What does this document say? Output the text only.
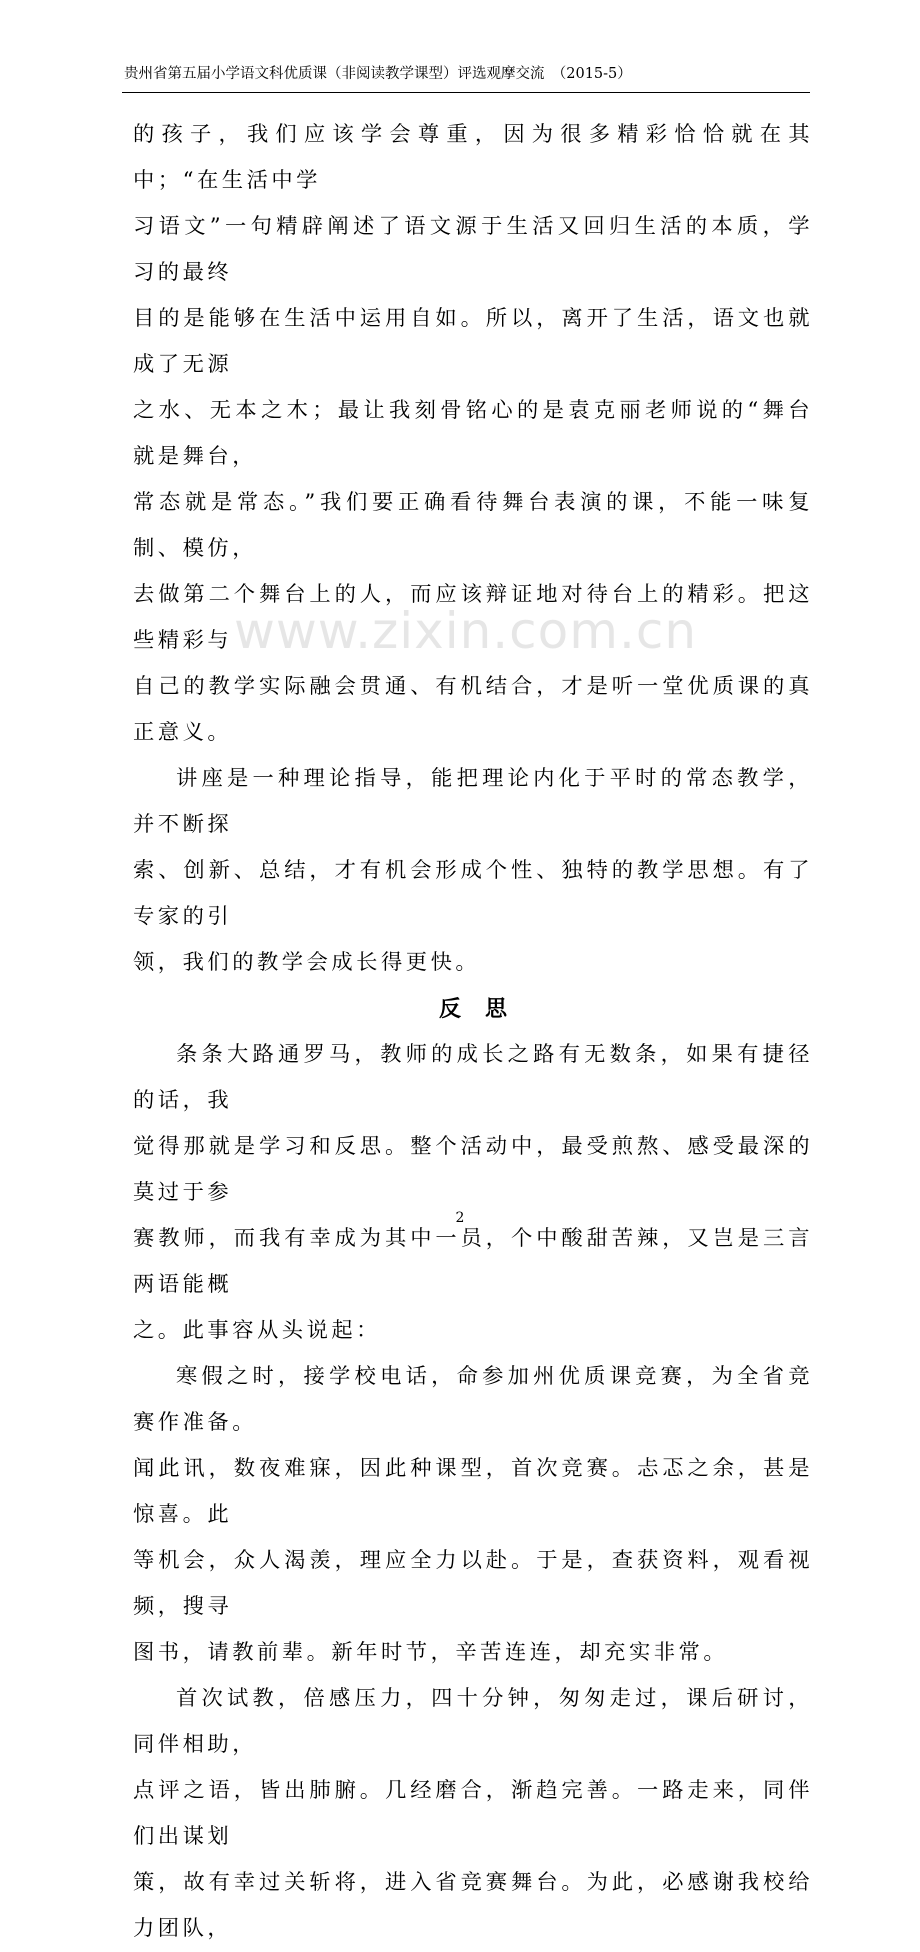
贵州省第五届小学语文科优质课（非阅读教学课型）评选观摩交流　（2015-5）

的孩子，我们应该学会尊重，因为很多精彩恰恰就在其中；“在生活中学
习语文”一句精辟阐述了语文源于生活又回归生活的本质，学习的最终
目的是能够在生活中运用自如。所以，离开了生活，语文也就成了无源
之水、无本之木；最让我刻骨铭心的是袁克丽老师说的“舞台就是舞台，
常态就是常态。”我们要正确看待舞台表演的课，不能一味复制、模仿，
去做第二个舞台上的人，而应该辩证地对待台上的精彩。把这些精彩与
自己的教学实际融会贯通、有机结合，才是听一堂优质课的真正意义。

讲座是一种理论指导，能把理论内化于平时的常态教学，并不断探
索、创新、总结，才有机会形成个性、独特的教学思想。有了专家的引
领，我们的教学会成长得更快。

反思

条条大路通罗马，教师的成长之路有无数条，如果有捷径的话，我
觉得那就是学习和反思。整个活动中，最受煎熬、感受最深的莫过于参
赛教师，而我有幸成为其中一员，个中酸甜苦辣，又岂是三言两语能概
之。此事容从头说起：

寒假之时，接学校电话，命参加州优质课竞赛，为全省竞赛作准备。
闻此讯，数夜难寐，因此种课型，首次竞赛。忐忑之余，甚是惊喜。此
等机会，众人渴羡，理应全力以赴。于是，查获资料，观看视频，搜寻
图书，请教前辈。新年时节，辛苦连连，却充实非常。

首次试教，倍感压力，四十分钟，匆匆走过，课后研讨，同伴相助，
点评之语，皆出肺腑。几经磨合，渐趋完善。一路走来，同伴们出谋划
策，故有幸过关斩将，进入省竞赛舞台。为此，必感谢我校给力团队，

www.zixin.com.cn
2
